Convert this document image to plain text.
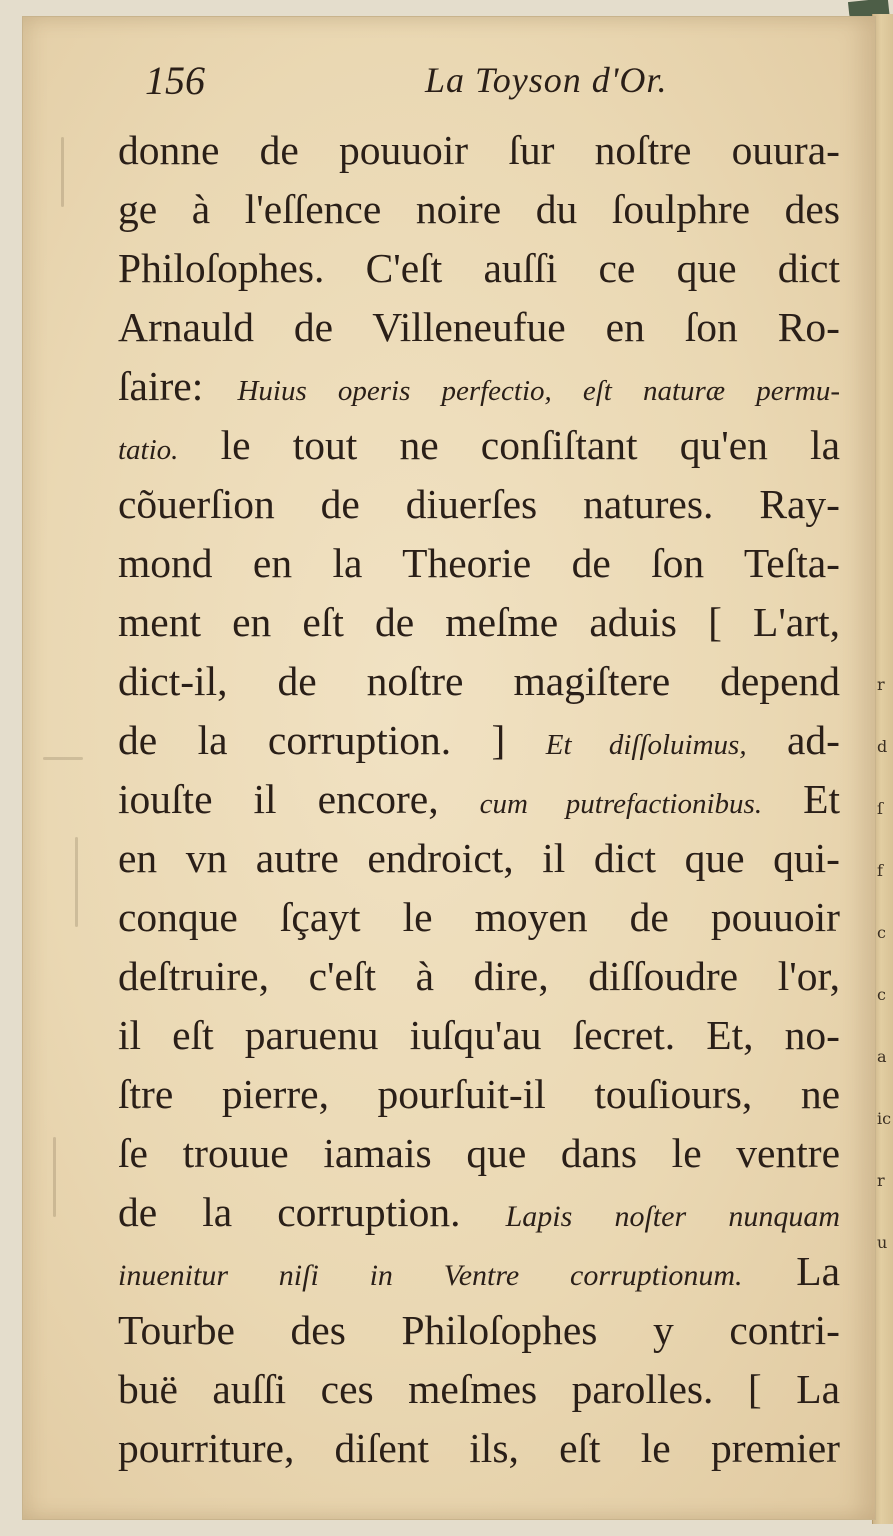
r
d
ſ
f
c
c
a
ic
r
u
156	La Toyson d'Or.
donne de pouuoir ſur noſtre ouura-
ge à l'eſſence noire du ſoulphre des
Philoſophes. C'eſt auſſi ce que dict
Arnauld de Villeneufue en ſon Ro-
ſaire: Huius operis perfectio, eſt naturæ permu-
tatio. le tout ne conſiſtant qu'en la
cõuerſion de diuerſes natures. Ray-
mond en la Theorie de ſon Teſta-
ment en eſt de meſme aduis [ L'art,
dict-il, de noſtre magiſtere depend
de la corruption. ] Et diſſoluimus, ad-
iouſte il encore, cum putrefactionibus. Et
en vn autre endroict, il dict que qui-
conque ſçayt le moyen de pouuoir
deſtruire, c'eſt à dire, diſſoudre l'or,
il eſt paruenu iuſqu'au ſecret. Et, no-
ſtre pierre, pourſuit-il touſiours, ne
ſe trouue iamais que dans le ventre
de la corruption. Lapis noſter nunquam
inuenitur niſi in Ventre corruptionum. La
Tourbe des Philoſophes y contri-
buë auſſi ces meſmes parolles. [ La
pourriture, diſent ils, eſt le premier
